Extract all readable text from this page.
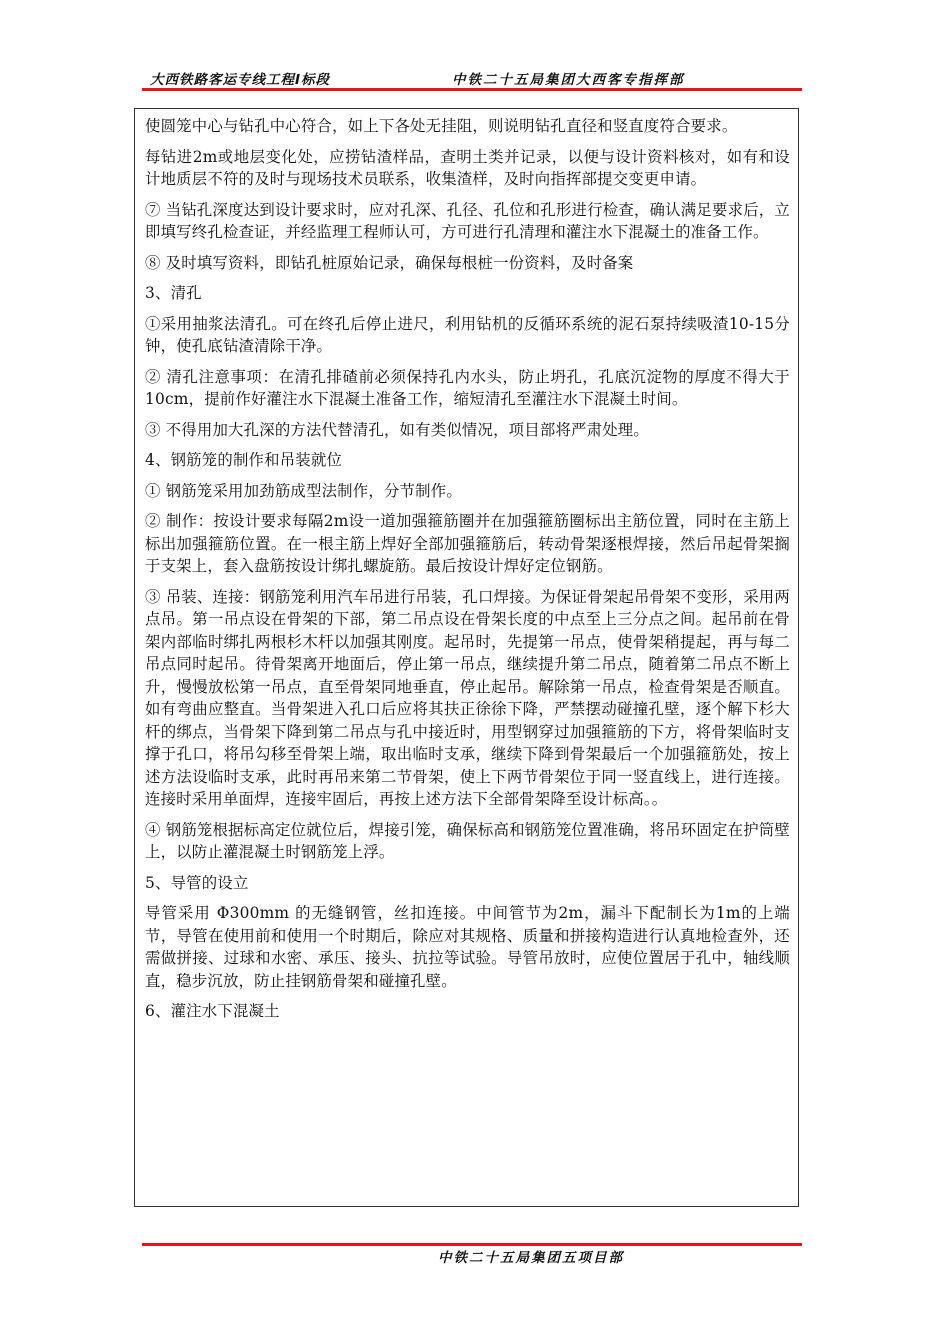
大西铁路客运专线工程Ⅰ标段	中铁二十五局集团大西客专指挥部

使圆笼中心与钻孔中心符合，如上下各处无挂阻，则说明钻孔直径和竖直度符合要求。

每钻进2m或地层变化处，应捞钻渣样品，查明土类并记录，以便与设计资料核对，如有和设计地质层不符的及时与现场技术员联系，收集渣样，及时向指挥部提交变更申请。

⑦ 当钻孔深度达到设计要求时，应对孔深、孔径、孔位和孔形进行检查，确认满足要求后，立即填写终孔检查证，并经监理工程师认可，方可进行孔清理和灌注水下混凝土的准备工作。

⑧ 及时填写资料，即钻孔桩原始记录，确保每根桩一份资料，及时备案

3、清孔

①采用抽浆法清孔。可在终孔后停止进尺，利用钻机的反循环系统的泥石泵持续吸渣10-15分钟，使孔底钻渣清除干净。

② 清孔注意事项：在清孔排碴前必须保持孔内水头，防止坍孔，孔底沉淀物的厚度不得大于10cm，提前作好灌注水下混凝土准备工作，缩短清孔至灌注水下混凝土时间。

③ 不得用加大孔深的方法代替清孔，如有类似情况，项目部将严肃处理。

4、钢筋笼的制作和吊装就位

① 钢筋笼采用加劲筋成型法制作，分节制作。

② 制作：按设计要求每隔2m设一道加强箍筋圈并在加强箍筋圈标出主筋位置，同时在主筋上标出加强箍筋位置。在一根主筋上焊好全部加强箍筋后，转动骨架逐根焊接，然后吊起骨架搁于支架上，套入盘筋按设计绑扎螺旋筋。最后按设计焊好定位钢筋。

③ 吊装、连接：钢筋笼利用汽车吊进行吊装，孔口焊接。为保证骨架起吊骨架不变形，采用两点吊。第一吊点设在骨架的下部，第二吊点设在骨架长度的中点至上三分点之间。起吊前在骨架内部临时绑扎两根杉木杆以加强其刚度。起吊时，先提第一吊点，使骨架稍提起，再与每二吊点同时起吊。待骨架离开地面后，停止第一吊点，继续提升第二吊点，随着第二吊点不断上升，慢慢放松第一吊点，直至骨架同地垂直，停止起吊。解除第一吊点，检查骨架是否顺直。如有弯曲应整直。当骨架进入孔口后应将其扶正徐徐下降，严禁摆动碰撞孔壁，逐个解下杉大杆的绑点，当骨架下降到第二吊点与孔中接近时，用型钢穿过加强箍筋的下方，将骨架临时支撑于孔口，将吊勾移至骨架上端，取出临时支承，继续下降到骨架最后一个加强箍筋处，按上述方法设临时支承，此时再吊来第二节骨架，使上下两节骨架位于同一竖直线上，进行连接。连接时采用单面焊，连接牢固后，再按上述方法下全部骨架降至设计标高。。

④ 钢筋笼根据标高定位就位后，焊接引笼，确保标高和钢筋笼位置准确，将吊环固定在护筒壁上，以防止灌混凝土时钢筋笼上浮。

5、导管的设立

导管采用 Φ300mm 的无缝钢管，丝扣连接。中间管节为2m，漏斗下配制长为1m的上端节，导管在使用前和使用一个时期后，除应对其规格、质量和拼接构造进行认真地检查外，还需做拼接、过球和水密、承压、接头、抗拉等试验。导管吊放时，应使位置居于孔中，轴线顺直，稳步沉放，防止挂钢筋骨架和碰撞孔壁。

6、灌注水下混凝土

中铁二十五局集团五项目部
